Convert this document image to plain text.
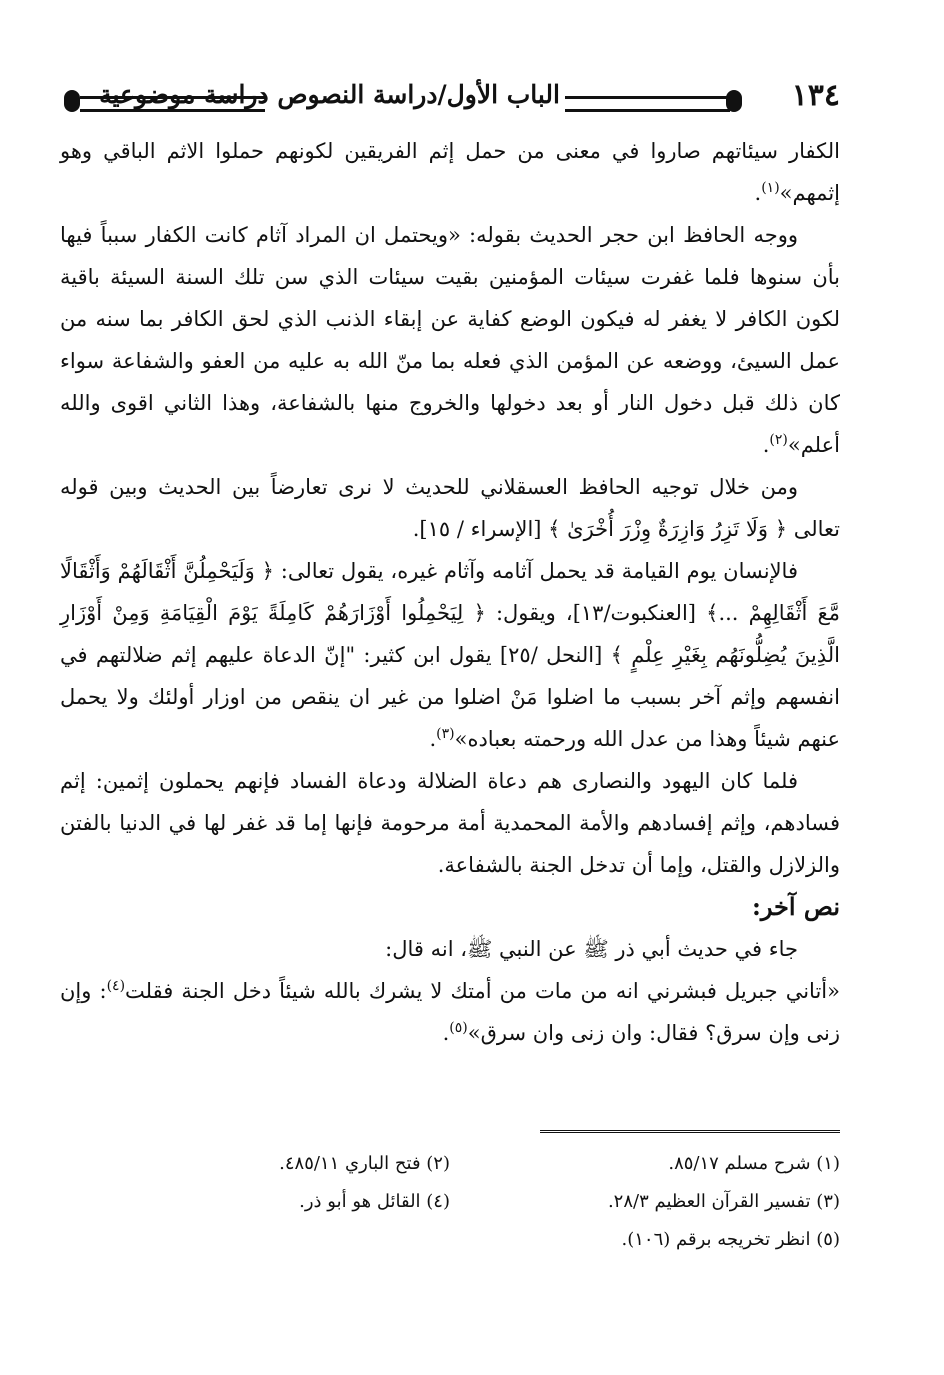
١٣٤
الباب الأول/دراسة النصوص دراسة موضوعية

الكفار سيئاتهم صاروا في معنى من حمل إثم الفريقين لكونهم حملوا الاثم الباقي وهو إثمهم»$^{(١)}$.

ووجه الحافظ ابن حجر الحديث بقوله: «ويحتمل ان المراد آثام كانت الكفار سبباً فيها بأن سنوها فلما غفرت سيئات المؤمنين بقيت سيئات الذي سن تلك السنة السيئة باقية لكون الكافر لا يغفر له فيكون الوضع كفاية عن إبقاء الذنب الذي لحق الكافر بما سنه من عمل السيئ، ووضعه عن المؤمن الذي فعله بما منّ الله به عليه من العفو والشفاعة سواء كان ذلك قبل دخول النار أو بعد دخولها والخروج منها بالشفاعة، وهذا الثاني اقوى والله أعلم»$^{(٢)}$.

ومن خلال توجيه الحافظ العسقلاني للحديث لا نرى تعارضاً بين الحديث وبين قوله تعالى ﴿ وَلَا تَزِرُ وَازِرَةٌ وِزْرَ أُخْرَىٰ ﴾ [الإسراء / ١٥].

فالإنسان يوم القيامة قد يحمل آثامه وآثام غيره، يقول تعالى: ﴿ وَلَيَحْمِلُنَّ أَثْقَالَهُمْ وَأَثْقَالًا مَّعَ أَثْقَالِهِمْ ...﴾ [العنكبوت/١٣]، ويقول: ﴿ لِيَحْمِلُوا أَوْزَارَهُمْ كَامِلَةً يَوْمَ الْقِيَامَةِ وَمِنْ أَوْزَارِ الَّذِينَ يُضِلُّونَهُم بِغَيْرِ عِلْمٍ ﴾ [النحل /٢٥] يقول ابن كثير: "إنّ الدعاة عليهم إثم ضلالتهم في انفسهم وإثم آخر بسبب ما اضلوا مَنْ اضلوا من غير ان ينقص من اوزار أولئك ولا يحمل عنهم شيئاً وهذا من عدل الله ورحمته بعباده»$^{(٣)}$.

فلما كان اليهود والنصارى هم دعاة الضلالة ودعاة الفساد فإنهم يحملون إثمين: إثم فسادهم، وإثم إفسادهم والأمة المحمدية أمة مرحومة فإنها إما قد غفر لها في الدنيا بالفتن والزلازل والقتل، وإما أن تدخل الجنة بالشفاعة.

نص آخر:

جاء في حديث أبي ذر ﷺ عن النبي ﷺ، انه قال:

«أتاني جبريل فبشرني انه من مات من أمتك لا يشرك بالله شيئاً دخل الجنة فقلت$^{(٤)}$: وإن زنى وإن سرق؟ فقال: وان زنى وان سرق»$^{(٥)}$.

(١) شرح مسلم ٨٥/١٧.
(٢) فتح الباري ٤٨٥/١١.
(٣) تفسير القرآن العظيم ٢٨/٣.
(٤) القائل هو أبو ذر.
(٥) انظر تخريجه برقم (١٠٦).
